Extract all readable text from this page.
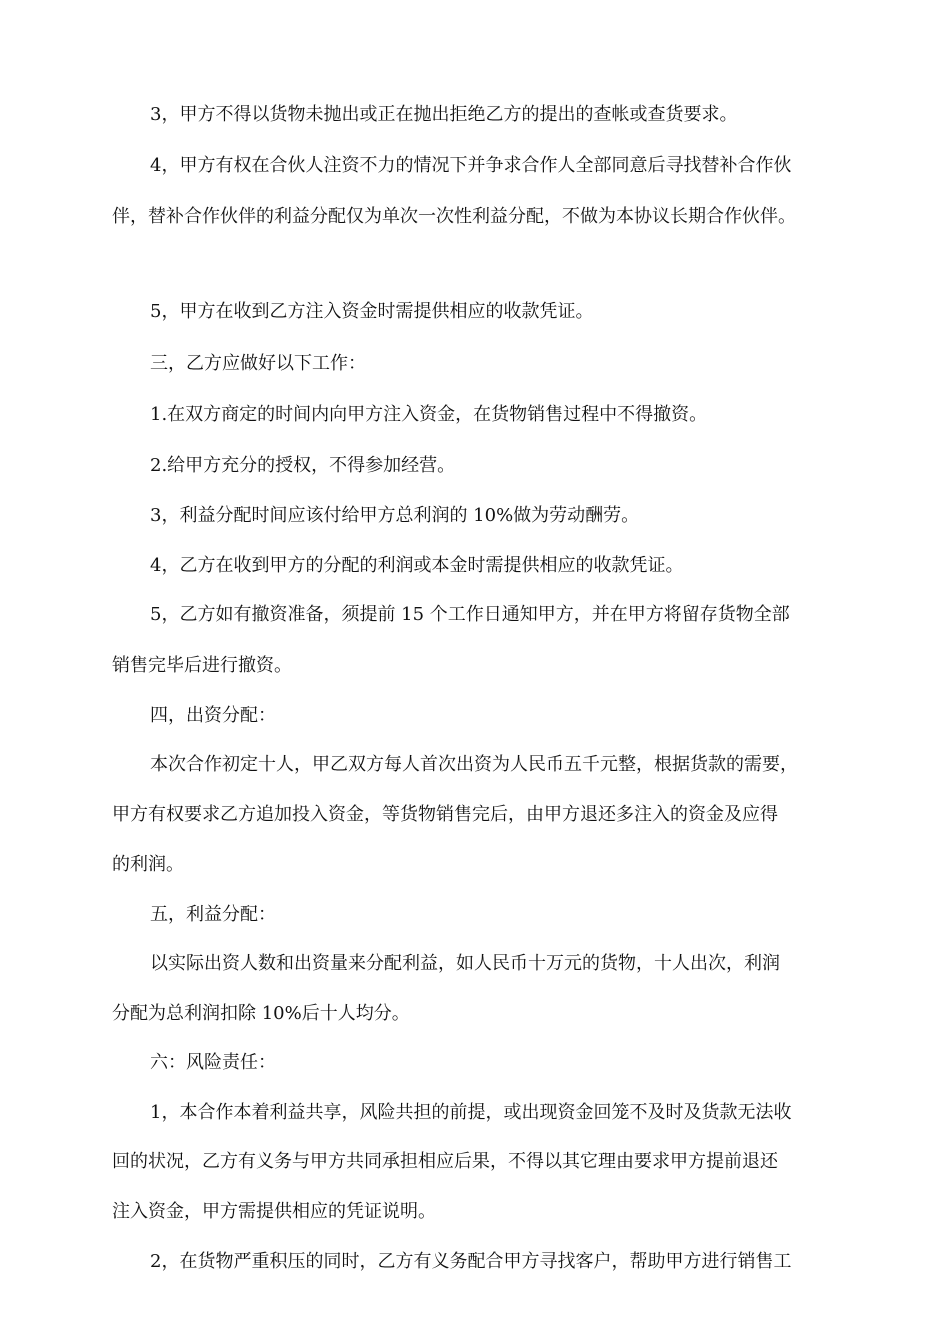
3，甲方不得以货物未抛出或正在抛出拒绝乙方的提出的查帐或查货要求。
4，甲方有权在合伙人注资不力的情况下并争求合作人全部同意后寻找替补合作伙
伴，替补合作伙伴的利益分配仅为单次一次性利益分配，不做为本协议长期合作伙伴。
5，甲方在收到乙方注入资金时需提供相应的收款凭证。
三，乙方应做好以下工作：
1.在双方商定的时间内向甲方注入资金，在货物销售过程中不得撤资。
2.给甲方充分的授权，不得参加经营。
3，利益分配时间应该付给甲方总利润的 10%做为劳动酬劳。
4，乙方在收到甲方的分配的利润或本金时需提供相应的收款凭证。
5，乙方如有撤资准备，须提前 15 个工作日通知甲方，并在甲方将留存货物全部
销售完毕后进行撤资。
四，出资分配：
本次合作初定十人，甲乙双方每人首次出资为人民币五千元整，根据货款的需要，
甲方有权要求乙方追加投入资金，等货物销售完后，由甲方退还多注入的资金及应得
的利润。
五，利益分配：
以实际出资人数和出资量来分配利益，如人民币十万元的货物，十人出次，利润
分配为总利润扣除 10%后十人均分。
六：风险责任：
1，本合作本着利益共享，风险共担的前提，或出现资金回笼不及时及货款无法收
回的状况，乙方有义务与甲方共同承担相应后果，不得以其它理由要求甲方提前退还
注入资金，甲方需提供相应的凭证说明。
2，在货物严重积压的同时，乙方有义务配合甲方寻找客户，帮助甲方进行销售工
